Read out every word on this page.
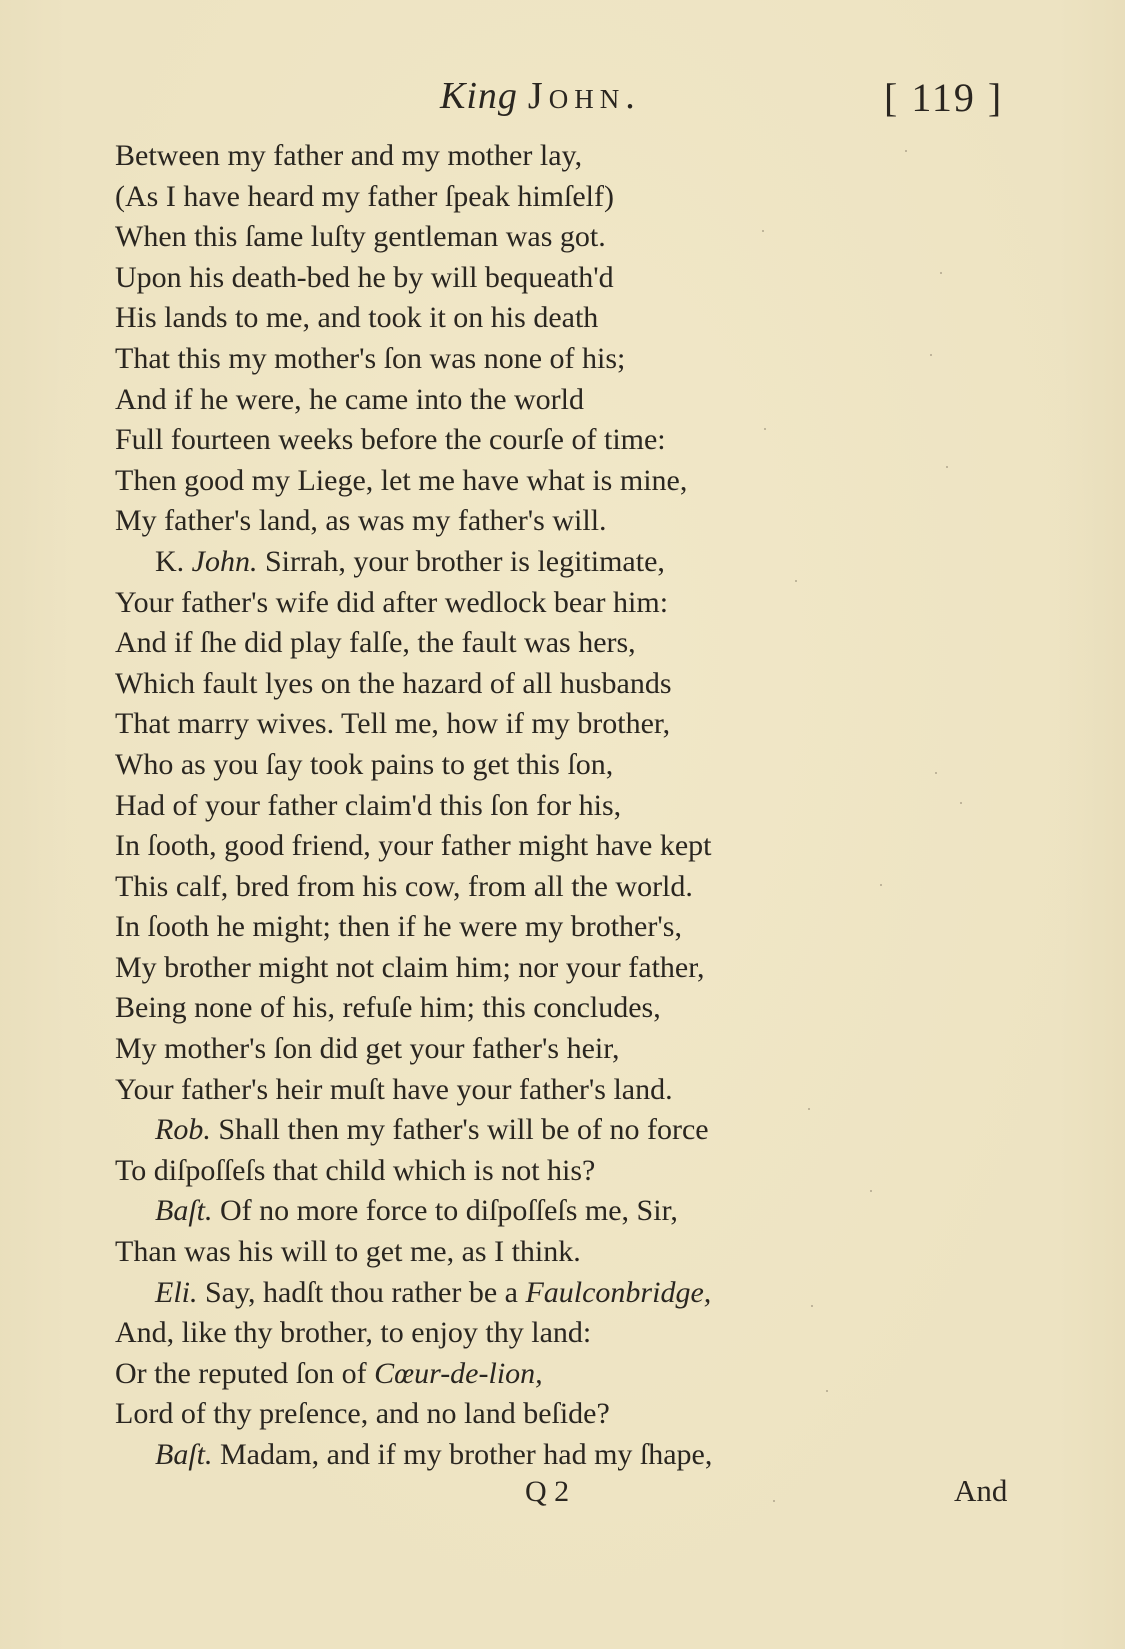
King John.	[ 119 ]
Between my father and my mother lay,
(As I have heard my father ſpeak himſelf)
When this ſame luſty gentleman was got.
Upon his death-bed he by will bequeath'd
His lands to me, and took it on his death
That this my mother's ſon was none of his;
And if he were, he came into the world
Full fourteen weeks before the courſe of time:
Then good my Liege, let me have what is mine,
My father's land, as was my father's will.
K. John. Sirrah, your brother is legitimate,
Your father's wife did after wedlock bear him:
And if ſhe did play falſe, the fault was hers,
Which fault lyes on the hazard of all husbands
That marry wives. Tell me, how if my brother,
Who as you ſay took pains to get this ſon,
Had of your father claim'd this ſon for his,
In ſooth, good friend, your father might have kept
This calf, bred from his cow, from all the world.
In ſooth he might; then if he were my brother's,
My brother might not claim him; nor your father,
Being none of his, refuſe him; this concludes,
My mother's ſon did get your father's heir,
Your father's heir muſt have your father's land.
Rob. Shall then my father's will be of no force
To diſpoſſeſs that child which is not his?
Baſt. Of no more force to diſpoſſeſs me, Sir,
Than was his will to get me, as I think.
Eli. Say, hadſt thou rather be a Faulconbridge,
And, like thy brother, to enjoy thy land:
Or the reputed ſon of Cœur-de-lion,
Lord of thy preſence, and no land beſide?
Baſt. Madam, and if my brother had my ſhape,
Q 2	And
